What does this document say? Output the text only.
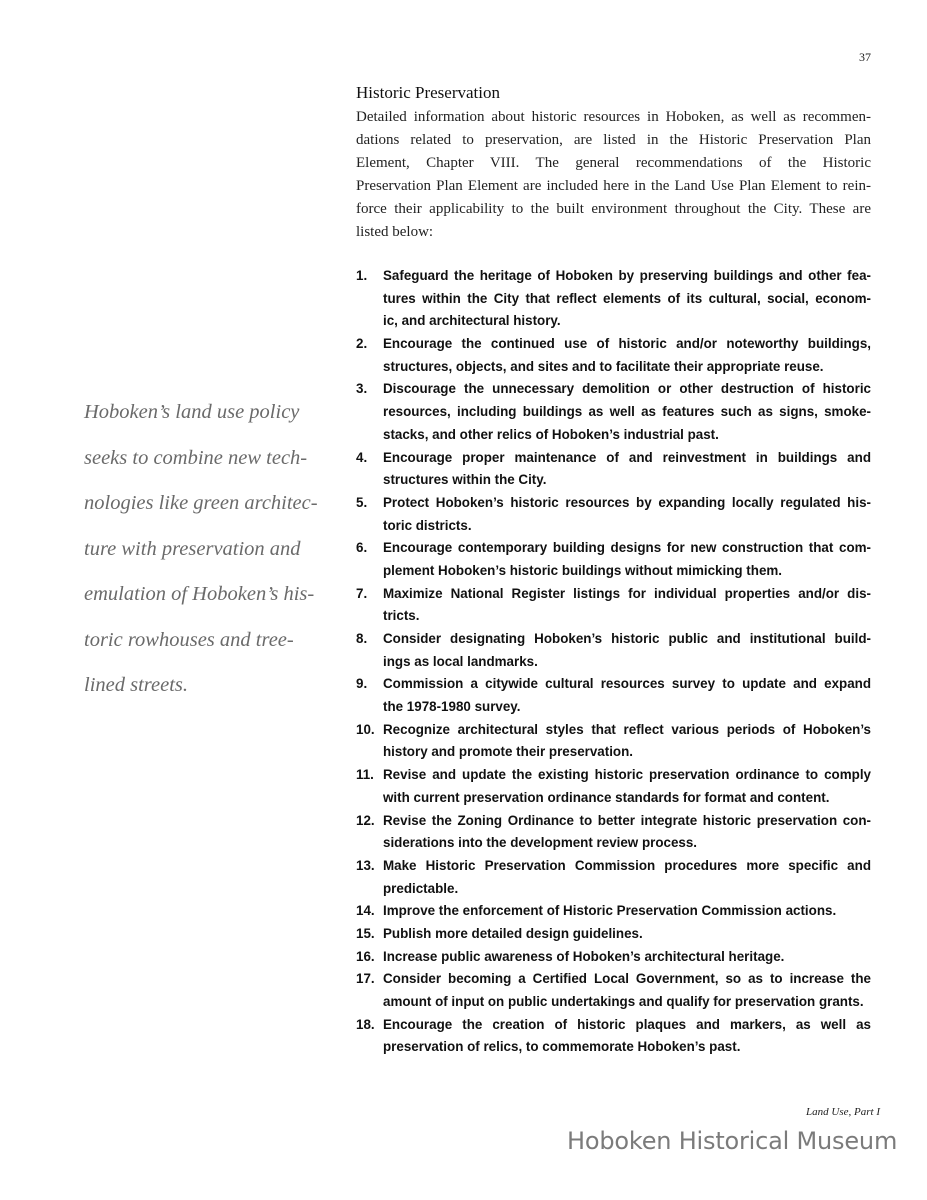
37
Historic Preservation
Detailed information about historic resources in Hoboken, as well as recommen-
dations related to preservation, are listed in the Historic Preservation Plan
Element, Chapter VIII. The general recommendations of the Historic
Preservation Plan Element are included here in the Land Use Plan Element to rein-
force their applicability to the built environment throughout the City. These are
listed below:
1. Safeguard the heritage of Hoboken by preserving buildings and other fea-
tures within the City that reflect elements of its cultural, social, econom-
ic, and architectural history.
2. Encourage the continued use of historic and/or noteworthy buildings,
structures, objects, and sites and to facilitate their appropriate reuse.
3. Discourage the unnecessary demolition or other destruction of historic
resources, including buildings as well as features such as signs, smoke-
stacks, and other relics of Hoboken’s industrial past.
4. Encourage proper maintenance of and reinvestment in buildings and
structures within the City.
5. Protect Hoboken’s historic resources by expanding locally regulated his-
toric districts.
6. Encourage contemporary building designs for new construction that com-
plement Hoboken’s historic buildings without mimicking them.
7. Maximize National Register listings for individual properties and/or dis-
tricts.
8. Consider designating Hoboken’s historic public and institutional build-
ings as local landmarks.
9. Commission a citywide cultural resources survey to update and expand
the 1978-1980 survey.
10. Recognize architectural styles that reflect various periods of Hoboken’s
history and promote their preservation.
11. Revise and update the existing historic preservation ordinance to comply
with current preservation ordinance standards for format and content.
12. Revise the Zoning Ordinance to better integrate historic preservation con-
siderations into the development review process.
13. Make Historic Preservation Commission procedures more specific and
predictable.
14. Improve the enforcement of Historic Preservation Commission actions.
15. Publish more detailed design guidelines.
16. Increase public awareness of Hoboken’s architectural heritage.
17. Consider becoming a Certified Local Government, so as to increase the
amount of input on public undertakings and qualify for preservation grants.
18. Encourage the creation of historic plaques and markers, as well as
preservation of relics, to commemorate Hoboken’s past.
Hoboken’s land use policy
seeks to combine new tech-
nologies like green architec-
ture with preservation and
emulation of Hoboken’s his-
toric rowhouses and tree-
lined streets.
Land Use, Part I
Hoboken Historical Museum
